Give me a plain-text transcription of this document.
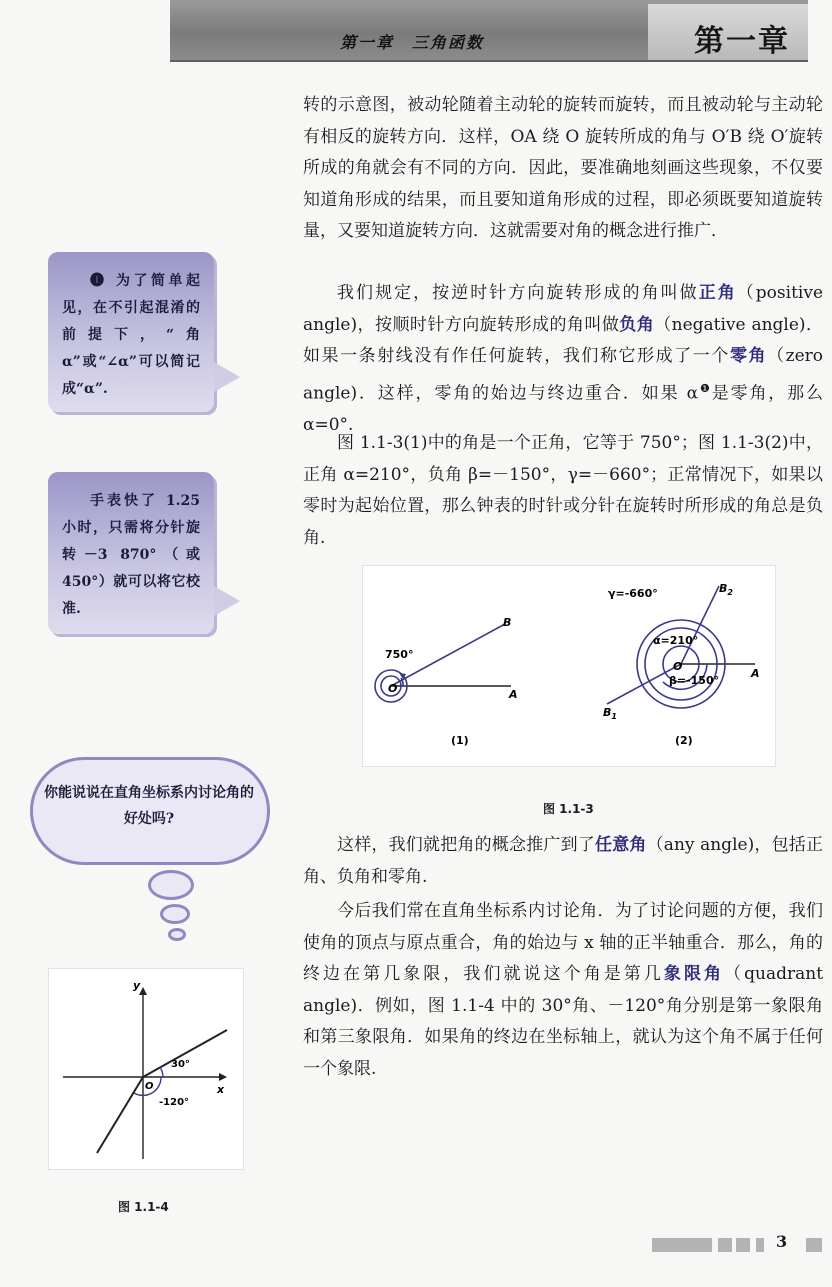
第一章　三角函数	第一章

转的示意图，被动轮随着主动轮的旋转而旋转，而且被动轮与主动轮有相反的旋转方向．这样，OA 绕 O 旋转所成的角与 O′B 绕 O′旋转所成的角就会有不同的方向．因此，要准确地刻画这些现象，不仅要知道角形成的结果，而且要知道角形成的过程，即必须既要知道旋转量，又要知道旋转方向．这就需要对角的概念进行推广．

我们规定，按逆时针方向旋转形成的角叫做正角（positive angle)，按顺时针方向旋转形成的角叫做负角（negative angle)．如果一条射线没有作任何旋转，我们称它形成了一个零角（zero angle)．这样，零角的始边与终边重合．如果 $\alpha^❶$是零角，那么 α=0°.

图 1.1-3(1)中的角是一个正角，它等于 750°；图 1.1-3(2)中，正角 α=210°，负角 β=－150°，γ=－660°；正常情况下，如果以零时为起始位置，那么钟表的时针或分针在旋转时所形成的角总是负角.

这样，我们就把角的概念推广到了任意角（any angle)，包括正角、负角和零角.

今后我们常在直角坐标系内讨论角．为了讨论问题的方便，我们使角的顶点与原点重合，角的始边与 x 轴的正半轴重合．那么，角的终边在第几象限，我们就说这个角是第几象限角（quadrant angle)．例如，图 1.1-4 中的 30°角、－120°角分别是第一象限角和第三象限角．如果角的终边在坐标轴上，就认为这个角不属于任何一个象限.

❶ 为了简单起见，在不引起混淆的前提下，“角 α”或“∠α”可以简记成“α”.
手表快了 1.25 小时，只需将分针旋转－3 870°（或 450°）就可以将它校准.
你能说说在直角坐标系内讨论角的好处吗?
750°
O	A
B
(1)
γ=-660°
α=210°
β=-150°
O
A
$B_2$
$B_1$
(2)
图 1.1-3
y
x
O
30°
-120°
图 1.1-4
3
